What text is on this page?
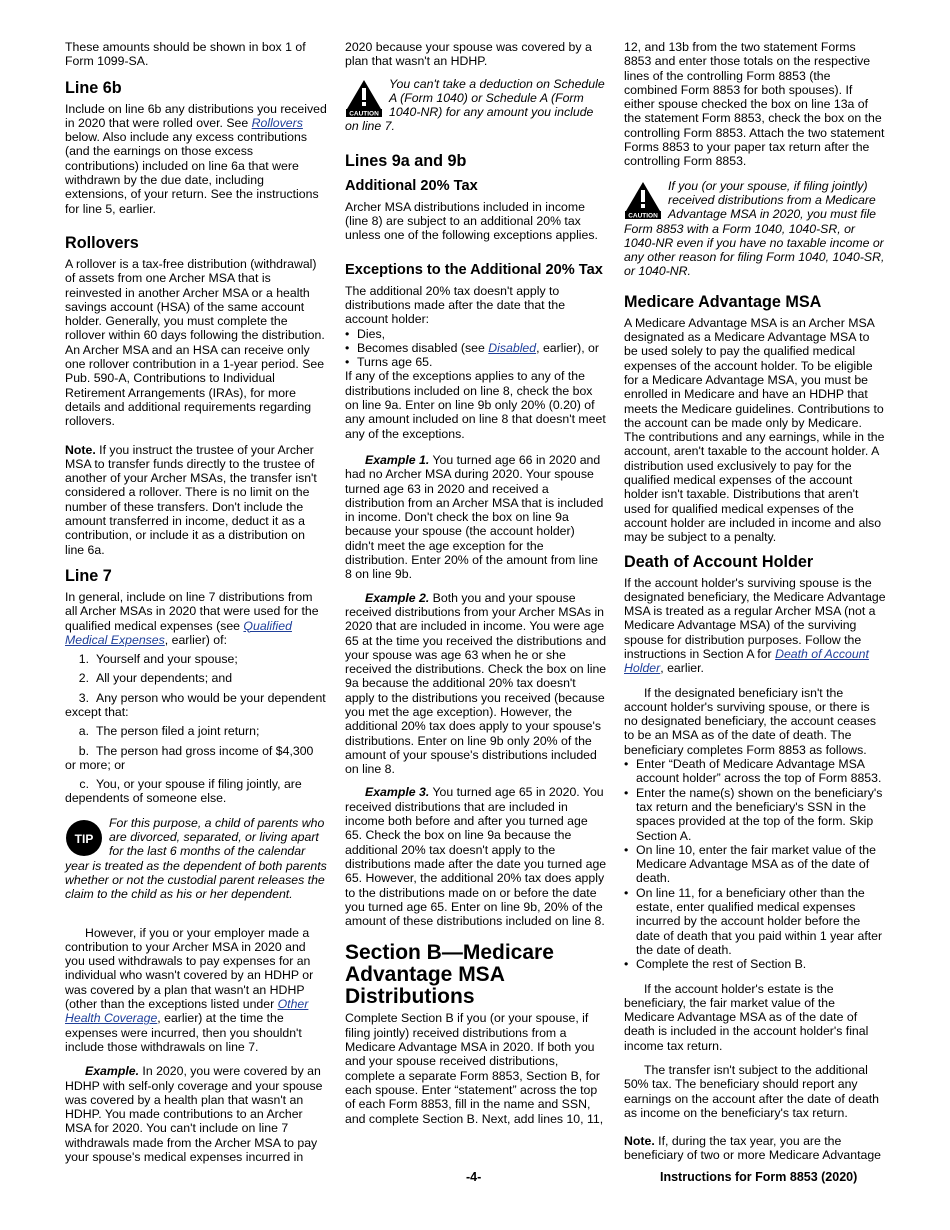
These amounts should be shown in box 1 of Form 1099-SA.

Line 6b

Include on line 6b any distributions you received in 2020 that were rolled over. See Rollovers below. Also include any excess contributions (and the earnings on those excess contributions) included on line 6a that were withdrawn by the due date, including extensions, of your return. See the instructions for line 5, earlier.

Rollovers

A rollover is a tax-free distribution (withdrawal) of assets from one Archer MSA that is reinvested in another Archer MSA or a health savings account (HSA) of the same account holder. Generally, you must complete the rollover within 60 days following the distribution. An Archer MSA and an HSA can receive only one rollover contribution in a 1-year period. See Pub. 590-A, Contributions to Individual Retirement Arrangements (IRAs), for more details and additional requirements regarding rollovers.

Note. If you instruct the trustee of your Archer MSA to transfer funds directly to the trustee of another of your Archer MSAs, the transfer isn't considered a rollover. There is no limit on the number of these transfers. Don't include the amount transferred in income, deduct it as a contribution, or include it as a distribution on line 6a.

Line 7

In general, include on line 7 distributions from all Archer MSAs in 2020 that were used for the qualified medical expenses (see Qualified Medical Expenses, earlier) of:

1. Yourself and your spouse;

2. All your dependents; and

3. Any person who would be your dependent except that:

a. The person filed a joint return;

b. The person had gross income of $4,300 or more; or

c. You, or your spouse if filing jointly, are dependents of someone else.

TIP

For this purpose, a child of parents who are divorced, separated, or living apart for the last 6 months of the calendar year is treated as the dependent of both parents whether or not the custodial parent releases the claim to the child as his or her dependent.

However, if you or your employer made a contribution to your Archer MSA in 2020 and you used withdrawals to pay expenses for an individual who wasn't covered by an HDHP or was covered by a plan that wasn't an HDHP (other than the exceptions listed under Other Health Coverage, earlier) at the time the expenses were incurred, then you shouldn't include those withdrawals on line 7.

Example. In 2020, you were covered by an HDHP with self-only coverage and your spouse was covered by a health plan that wasn't an HDHP. You made contributions to an Archer MSA for 2020. You can't include on line 7 withdrawals made from the Archer MSA to pay your spouse's medical expenses incurred in

2020 because your spouse was covered by a plan that wasn't an HDHP.

CAUTION

You can't take a deduction on Schedule A (Form 1040) or Schedule A (Form 1040-NR) for any amount you include on line 7.

Lines 9a and 9b
Additional 20% Tax

Archer MSA distributions included in income (line 8) are subject to an additional 20% tax unless one of the following exceptions applies.

Exceptions to the Additional 20% Tax

The additional 20% tax doesn't apply to distributions made after the date that the account holder:

• Dies,
• Becomes disabled (see Disabled, earlier), or
• Turns age 65.

If any of the exceptions applies to any of the distributions included on line 8, check the box on line 9a. Enter on line 9b only 20% (0.20) of any amount included on line 8 that doesn't meet any of the exceptions.

Example 1. You turned age 66 in 2020 and had no Archer MSA during 2020. Your spouse turned age 63 in 2020 and received a distribution from an Archer MSA that is included in income. Don't check the box on line 9a because your spouse (the account holder) didn't meet the age exception for the distribution. Enter 20% of the amount from line 8 on line 9b.

Example 2. Both you and your spouse received distributions from your Archer MSAs in 2020 that are included in income. You were age 65 at the time you received the distributions and your spouse was age 63 when he or she received the distributions. Check the box on line 9a because the additional 20% tax doesn't apply to the distributions you received (because you met the age exception). However, the additional 20% tax does apply to your spouse's distributions. Enter on line 9b only 20% of the amount of your spouse's distributions included on line 8.

Example 3. You turned age 65 in 2020. You received distributions that are included in income both before and after you turned age 65. Check the box on line 9a because the additional 20% tax doesn't apply to the distributions made after the date you turned age 65. However, the additional 20% tax does apply to the distributions made on or before the date you turned age 65. Enter on line 9b, 20% of the amount of these distributions included on line 8.

Section B—Medicare Advantage MSA Distributions

Complete Section B if you (or your spouse, if filing jointly) received distributions from a Medicare Advantage MSA in 2020. If both you and your spouse received distributions, complete a separate Form 8853, Section B, for each spouse. Enter “statement” across the top of each Form 8853, fill in the name and SSN, and complete Section B. Next, add lines 10, 11,

12, and 13b from the two statement Forms 8853 and enter those totals on the respective lines of the controlling Form 8853 (the combined Form 8853 for both spouses). If either spouse checked the box on line 13a of the statement Form 8853, check the box on the controlling Form 8853. Attach the two statement Forms 8853 to your paper tax return after the controlling Form 8853.

CAUTION

If you (or your spouse, if filing jointly) received distributions from a Medicare Advantage MSA in 2020, you must file Form 8853 with a Form 1040, 1040-SR, or 1040-NR even if you have no taxable income or any other reason for filing Form 1040, 1040-SR, or 1040-NR.

Medicare Advantage MSA

A Medicare Advantage MSA is an Archer MSA designated as a Medicare Advantage MSA to be used solely to pay the qualified medical expenses of the account holder. To be eligible for a Medicare Advantage MSA, you must be enrolled in Medicare and have an HDHP that meets the Medicare guidelines. Contributions to the account can be made only by Medicare. The contributions and any earnings, while in the account, aren't taxable to the account holder. A distribution used exclusively to pay for the qualified medical expenses of the account holder isn't taxable. Distributions that aren't used for qualified medical expenses of the account holder are included in income and also may be subject to a penalty.

Death of Account Holder

If the account holder's surviving spouse is the designated beneficiary, the Medicare Advantage MSA is treated as a regular Archer MSA (not a Medicare Advantage MSA) of the surviving spouse for distribution purposes. Follow the instructions in Section A for Death of Account Holder, earlier.

If the designated beneficiary isn't the account holder's surviving spouse, or there is no designated beneficiary, the account ceases to be an MSA as of the date of death. The beneficiary completes Form 8853 as follows.

• Enter “Death of Medicare Advantage MSA account holder” across the top of Form 8853.
• Enter the name(s) shown on the beneficiary's tax return and the beneficiary's SSN in the spaces provided at the top of the form. Skip Section A.
• On line 10, enter the fair market value of the Medicare Advantage MSA as of the date of death.
• On line 11, for a beneficiary other than the estate, enter qualified medical expenses incurred by the account holder before the date of death that you paid within 1 year after the date of death.
• Complete the rest of Section B.

If the account holder's estate is the beneficiary, the fair market value of the Medicare Advantage MSA as of the date of death is included in the account holder's final income tax return.

The transfer isn't subject to the additional 50% tax. The beneficiary should report any earnings on the account after the date of death as income on the beneficiary's tax return.

Note. If, during the tax year, you are the beneficiary of two or more Medicare Advantage

-4-	Instructions for Form 8853 (2020)
